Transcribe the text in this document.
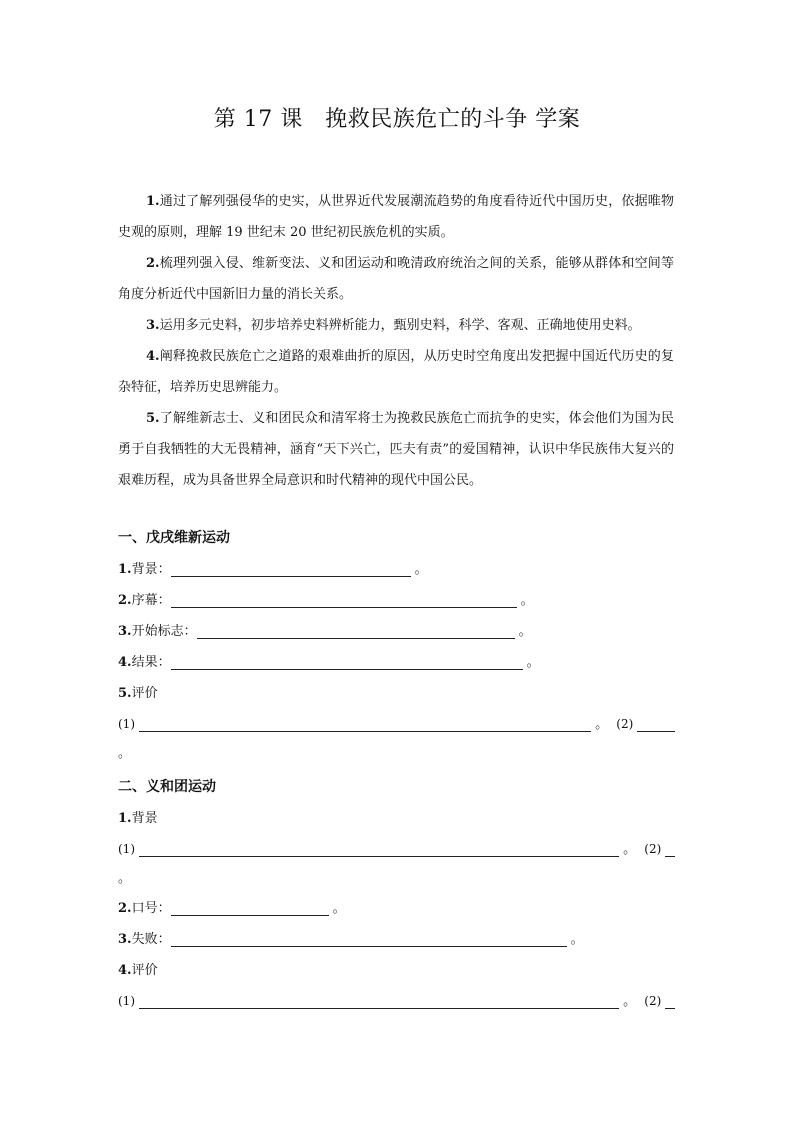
第 17 课　挽救民族危亡的斗争 学案

1.通过了解列强侵华的史实，从世界近代发展潮流趋势的角度看待近代中国历史，依据唯物史观的原则，理解 19 世纪末 20 世纪初民族危机的实质。

2.梳理列强入侵、维新变法、义和团运动和晚清政府统治之间的关系，能够从群体和空间等角度分析近代中国新旧力量的消长关系。

3.运用多元史料，初步培养史料辨析能力，甄别史料，科学、客观、正确地使用史料。

4.阐释挽救民族危亡之道路的艰难曲折的原因，从历史时空角度出发把握中国近代历史的复杂特征，培养历史思辨能力。

5.了解维新志士、义和团民众和清军将士为挽救民族危亡而抗争的史实，体会他们为国为民勇于自我牺牲的大无畏精神，涵育“天下兴亡，匹夫有责”的爱国精神，认识中华民族伟大复兴的艰难历程，成为具备世界全局意识和时代精神的现代中国公民。

一、戊戌维新运动
1.背景：	。
2.序幕：	。
3.开始标志：	。
4.结果：	。
5.评价
(1)	。 (2)
。
二、义和团运动
1.背景
(1)	。 (2)
。
2.口号：	。
3.失败：	。
4.评价
(1)	。 (2)
